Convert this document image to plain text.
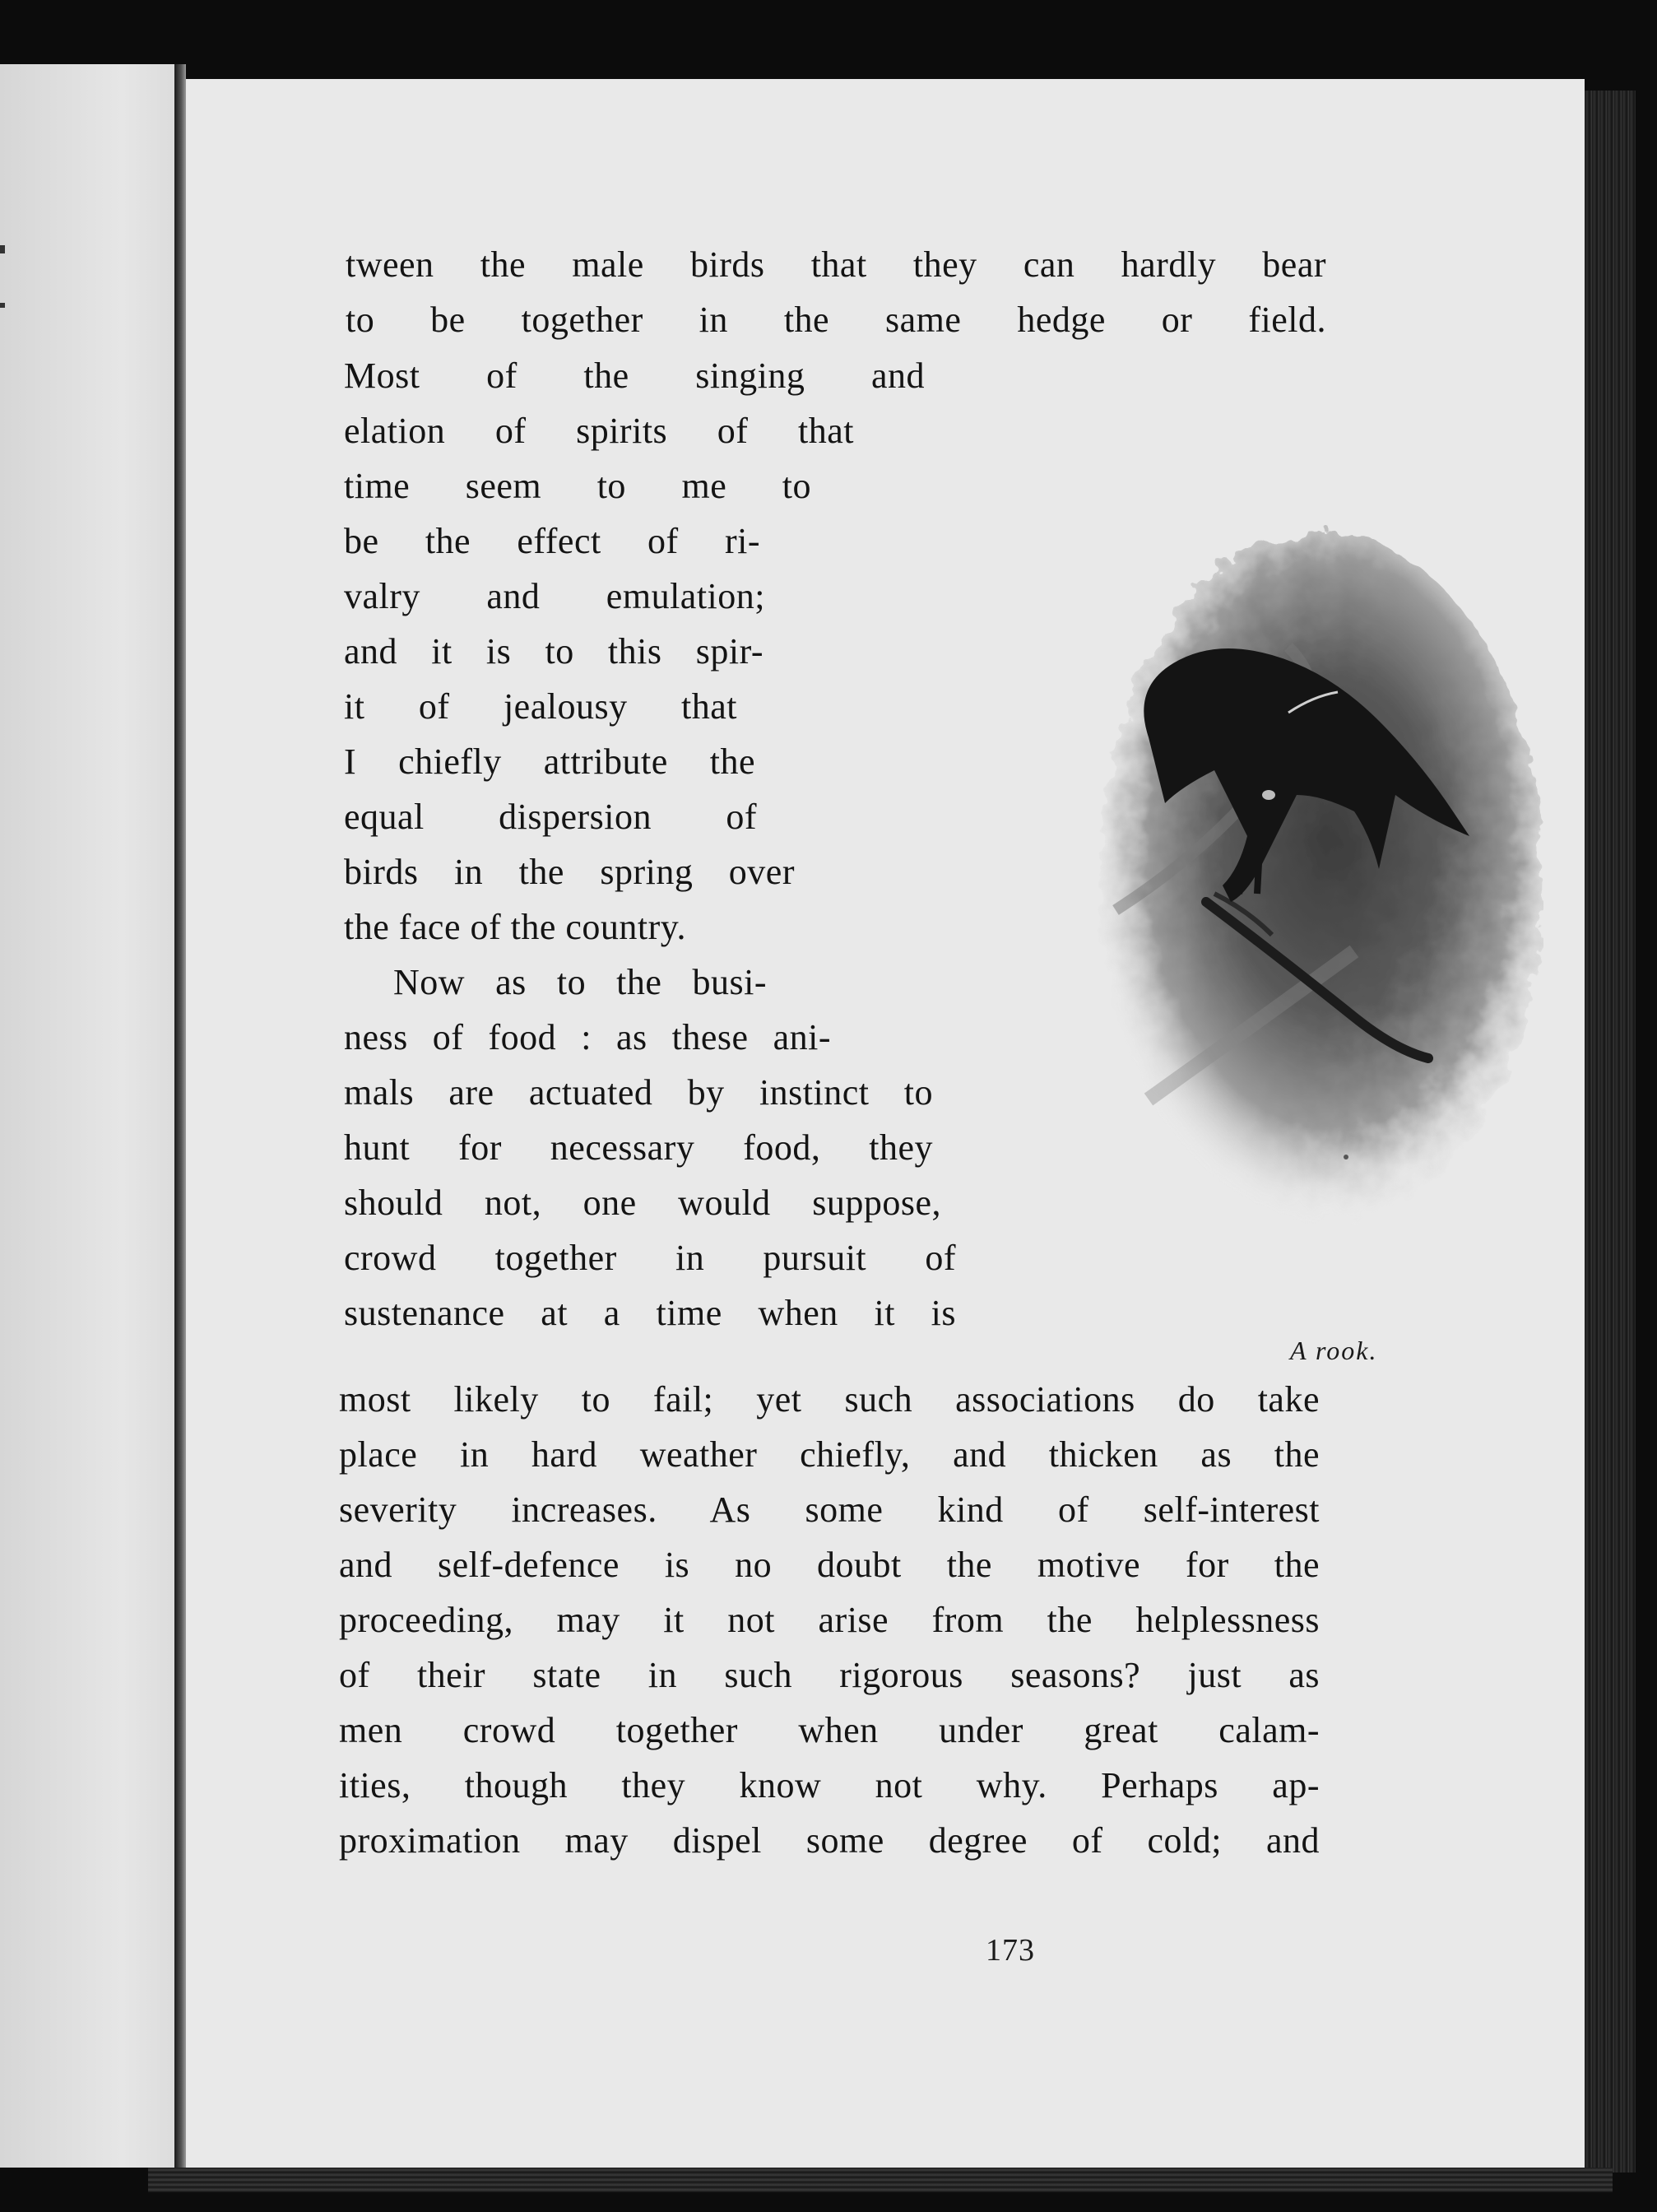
tween the male birds that they can hardly bear
to be together in the same hedge or field.
Most of the singing and
elation of spirits of that
time seem to me to
be the effect of ri-
valry and emulation;
and it is to this spir-
it of jealousy that
I chiefly attribute the
equal dispersion of
birds in the spring over
the face of the country.
Now as to the busi-
ness of food : as these ani-
mals are actuated by instinct to
hunt for necessary food, they
should not, one would suppose,
crowd together in pursuit of
sustenance at a time when it is
most likely to fail; yet such associations do take
place in hard weather chiefly, and thicken as the
severity increases. As some kind of self-interest
and self-defence is no doubt the motive for the
proceeding, may it not arise from the helplessness
of their state in such rigorous seasons? just as
men crowd together when under great calam-
ities, though they know not why. Perhaps ap-
proximation may dispel some degree of cold; and
A rook.
173
